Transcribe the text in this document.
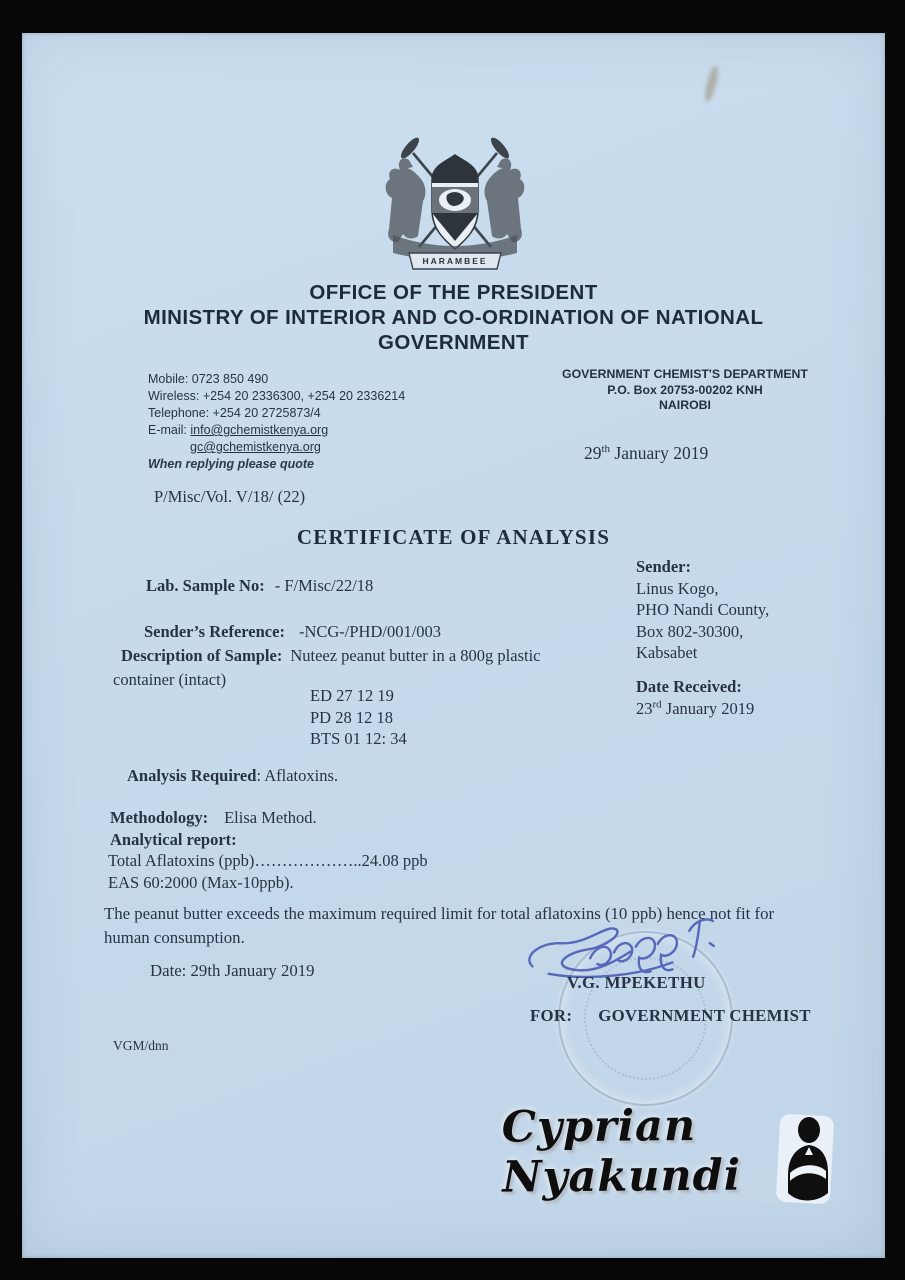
HARAMBEE
OFFICE OF THE PRESIDENT
MINISTRY OF INTERIOR AND CO-ORDINATION OF NATIONAL
GOVERNMENT
Mobile: 0723 850 490
Wireless: +254 20 2336300, +254 20 2336214
Telephone: +254 20 2725873/4
E-mail: info@gchemistkenya.org
gc@gchemistkenya.org
GOVERNMENT CHEMIST'S DEPARTMENT
P.O. Box 20753-00202 KNH
NAIROBI
When replying please quote
29th January 2019
P/Misc/Vol. V/18/ (22)
CERTIFICATE OF ANALYSIS
Lab. Sample No: - F/Misc/22/18
Sender:
Linus Kogo,
PHO Nandi County,
Box 802-30300,
Kabsabet
Sender’s Reference: -NCG-/PHD/001/003
Description of Sample: Nuteez peanut butter in a 800g plastic
container (intact)
ED 27 12 19
PD 28 12 18
BTS 01 12: 34
Date Received:
23rd January 2019
Analysis Required: Aflatoxins.
Methodology: Elisa Method.
Analytical report:
Total Aflatoxins (ppb)………………..24.08 ppb
EAS 60:2000 (Max-10ppb).
The peanut butter exceeds the maximum required limit for total aflatoxins (10 ppb) hence not fit for human consumption.
Date: 29th January 2019
V.G. MPEKETHU
FOR: GOVERNMENT CHEMIST
VGM/dnn
Cyprian Nyakundi
